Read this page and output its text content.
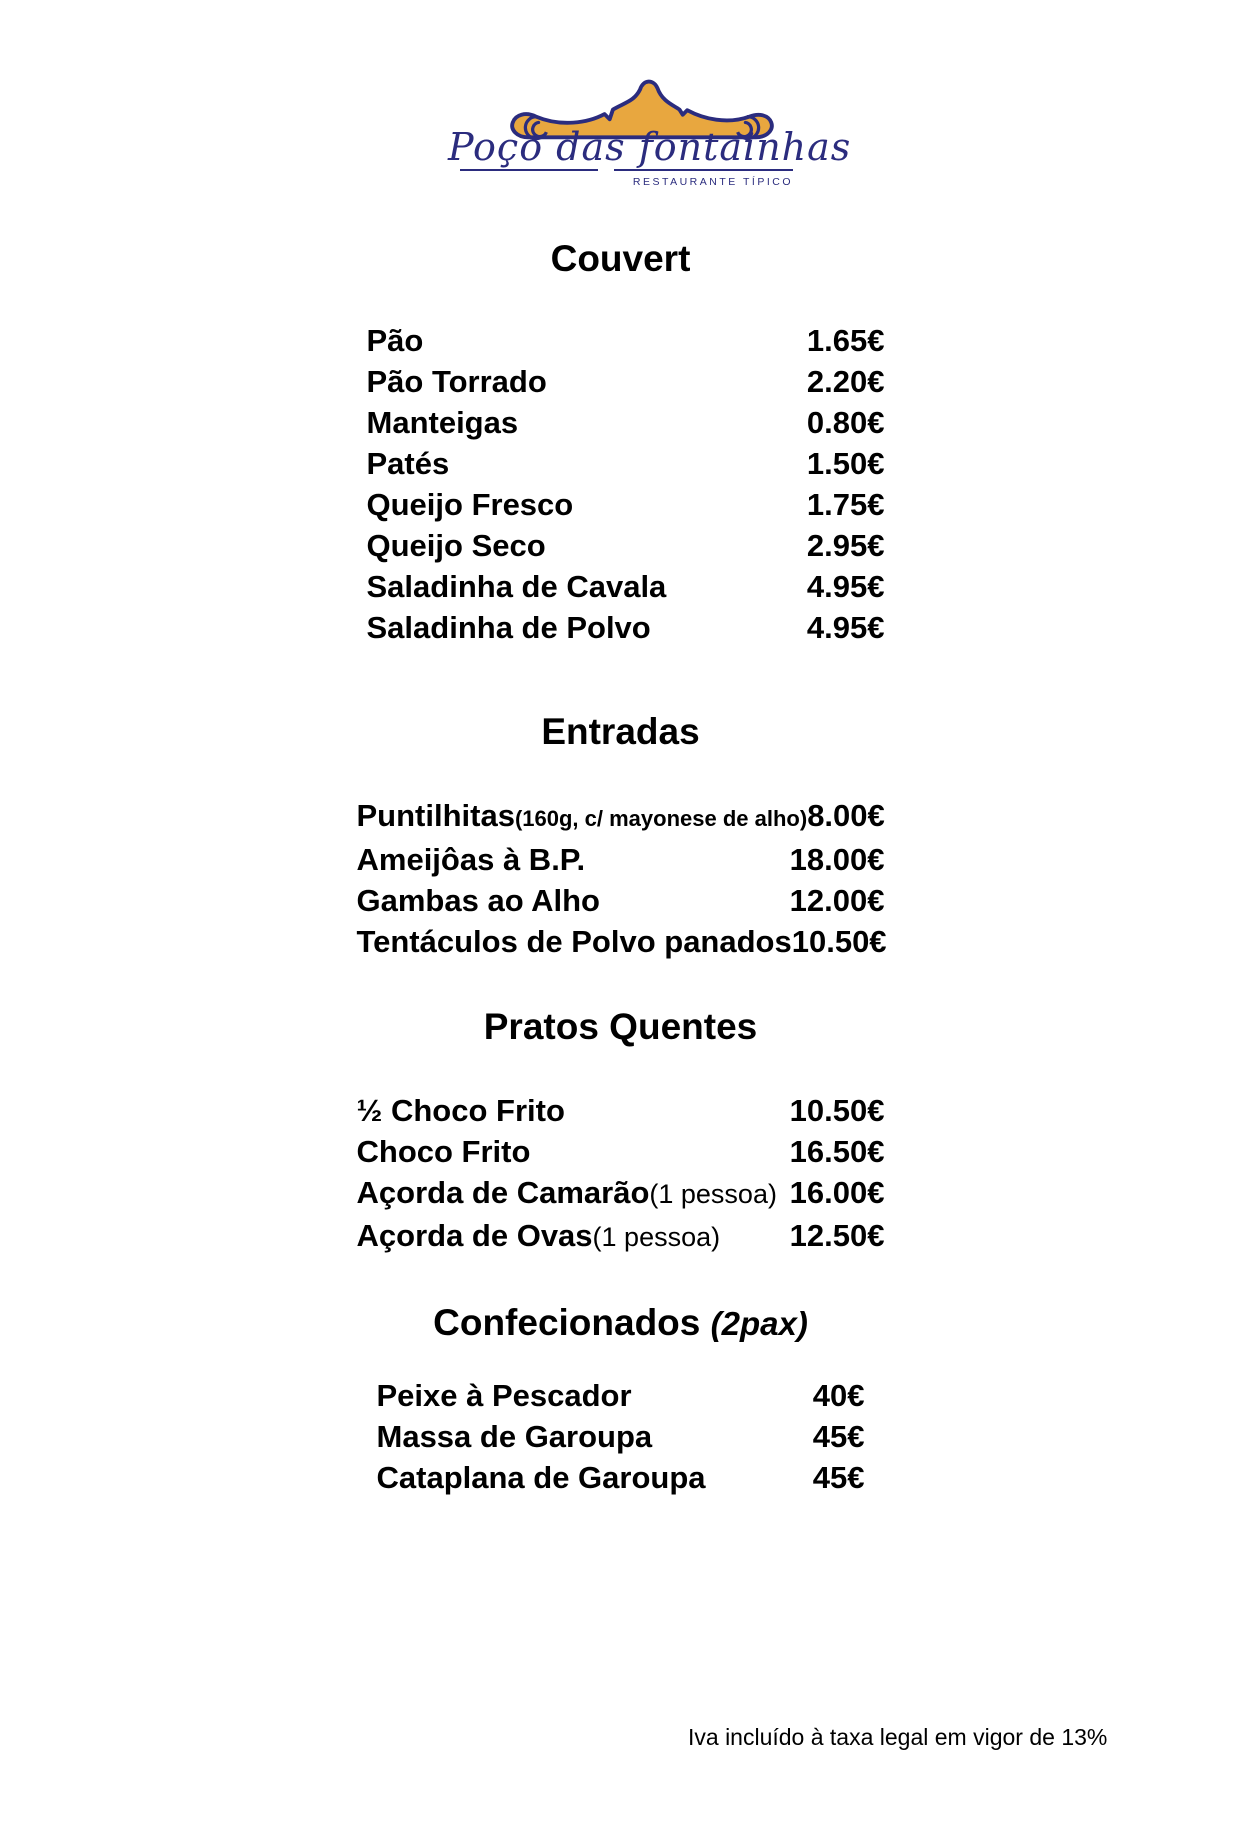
Poço das fontainhas
RESTAURANTE TÍPICO
Couvert
Pão	1.65€
Pão Torrado	2.20€
Manteigas	0.80€
Patés	1.50€
Queijo Fresco	1.75€
Queijo Seco	2.95€
Saladinha de Cavala	4.95€
Saladinha de Polvo	4.95€
Entradas
Puntilhitas (160g, c/ mayonese de alho) 8.00€
Ameijôas à B.P.	18.00€
Gambas ao Alho	12.00€
Tentáculos de Polvo panados 10.50€
Pratos Quentes
½ Choco Frito	10.50€
Choco Frito	16.50€
Açorda de Camarão (1 pessoa) 16.00€
Açorda de Ovas (1 pessoa) 12.50€
Confecionados (2pax)
Peixe à Pescador	40€
Massa de Garoupa	45€
Cataplana de Garoupa	45€
Iva incluído à taxa legal em vigor de 13%
